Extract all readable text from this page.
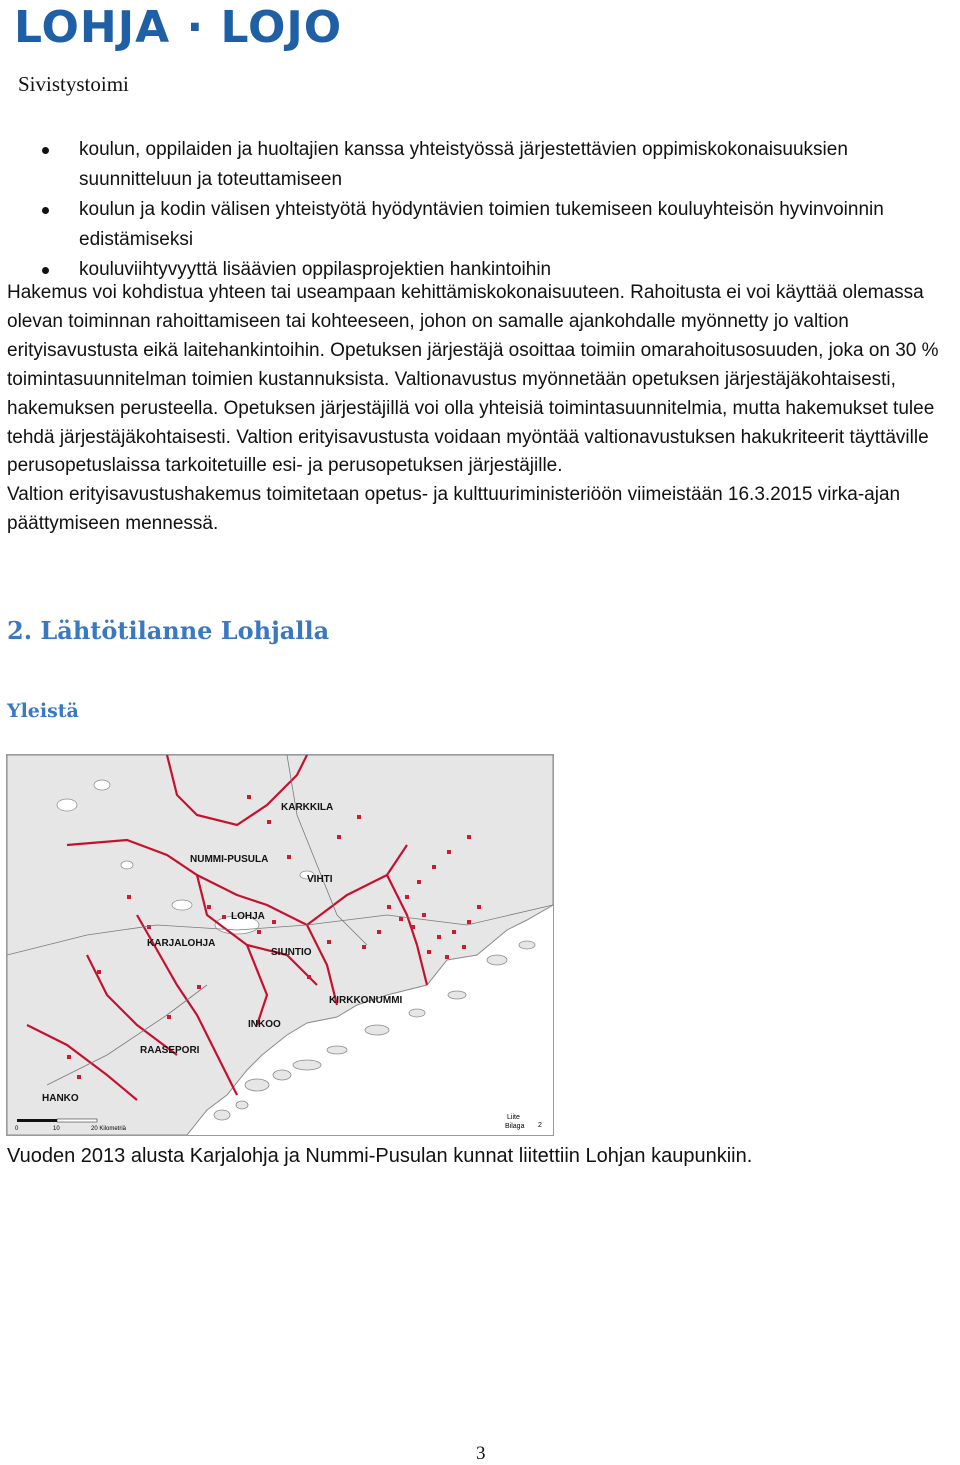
LOHJA · LOJO
Sivistystoimi
koulun, oppilaiden ja huoltajien kanssa yhteistyössä järjestettävien oppimiskokonaisuuksien suunnitteluun ja toteuttamiseen
koulun ja kodin välisen yhteistyötä hyödyntävien toimien tukemiseen kouluyhteisön hyvinvoinnin edistämiseksi
kouluviihtyvyyttä lisäävien oppilasprojektien hankintoihin

Hakemus voi kohdistua yhteen tai useampaan kehittämiskokonaisuuteen. Rahoitusta ei voi käyttää olemassa olevan toiminnan rahoittamiseen tai kohteeseen, johon on samalle ajankohdalle myönnetty jo valtion erityisavustusta eikä laitehankintoihin. Opetuksen järjestäjä osoittaa toimiin omarahoitusosuuden, joka on 30 % toimintasuunnitelman toimien kustannuksista. Valtionavustus myönnetään opetuksen järjestäjäkohtaisesti, hakemuksen perusteella. Opetuksen järjestäjillä voi olla yhteisiä toimintasuunnitelmia, mutta hakemukset tulee tehdä järjestäjäkohtaisesti. Valtion erityisavustusta voidaan myöntää valtionavustuksen hakukriteerit täyttäville perusopetuslaissa tarkoitetuille esi- ja perusopetuksen järjestäjille.

Valtion erityisavustushakemus toimitetaan opetus- ja kulttuuriministeriöön viimeistään 16.3.2015 virka-ajan päättymiseen mennessä.

2. Lähtötilanne Lohjalla
Yleistä
KARKKILA
NUMMI-PUSULA
VIHTI
LOHJA
KARJALOHJA
SIUNTIO
KIRKKONUMMI
INKOO
RAASEPORI
HANKO
0	10	20 Kilometriä
Liite
Bilaga 2
Vuoden 2013 alusta Karjalohja ja Nummi-Pusulan kunnat liitettiin Lohjan kaupunkiin.
3
